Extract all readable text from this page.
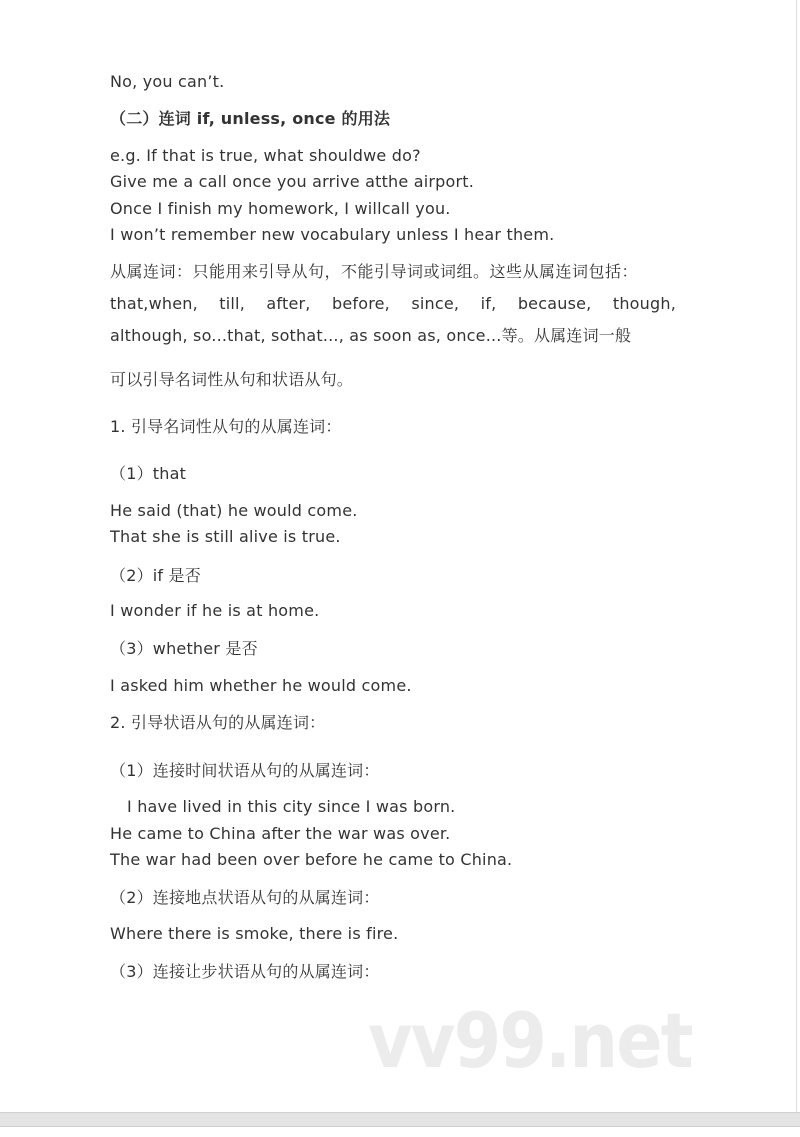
No, you can’t.
（二）连词 if, unless, once 的用法
e.g. If that is true, what shouldwe do?
Give me a call once you arrive atthe airport.
Once I finish my homework, I willcall you.
I won’t remember new vocabulary unless I hear them.
从属连词：只能用来引导从句，不能引导词或词组。这些从属连词包括：
that,when, till, after, before, since, if, because, though,
although, so...that, sothat..., as soon as, once...等。从属连词一般
可以引导名词性从句和状语从句。
1. 引导名词性从句的从属连词：
（1）that
He said (that) he would come.
That she is still alive is true.
（2）if 是否
I wonder if he is at home.
（3）whether 是否
I asked him whether he would come.
2. 引导状语从句的从属连词：
（1）连接时间状语从句的从属连词：
I have lived in this city since I was born.
He came to China after the war was over.
The war had been over before he came to China.
（2）连接地点状语从句的从属连词：
Where there is smoke, there is fire.
（3）连接让步状语从句的从属连词：
vv99.net
